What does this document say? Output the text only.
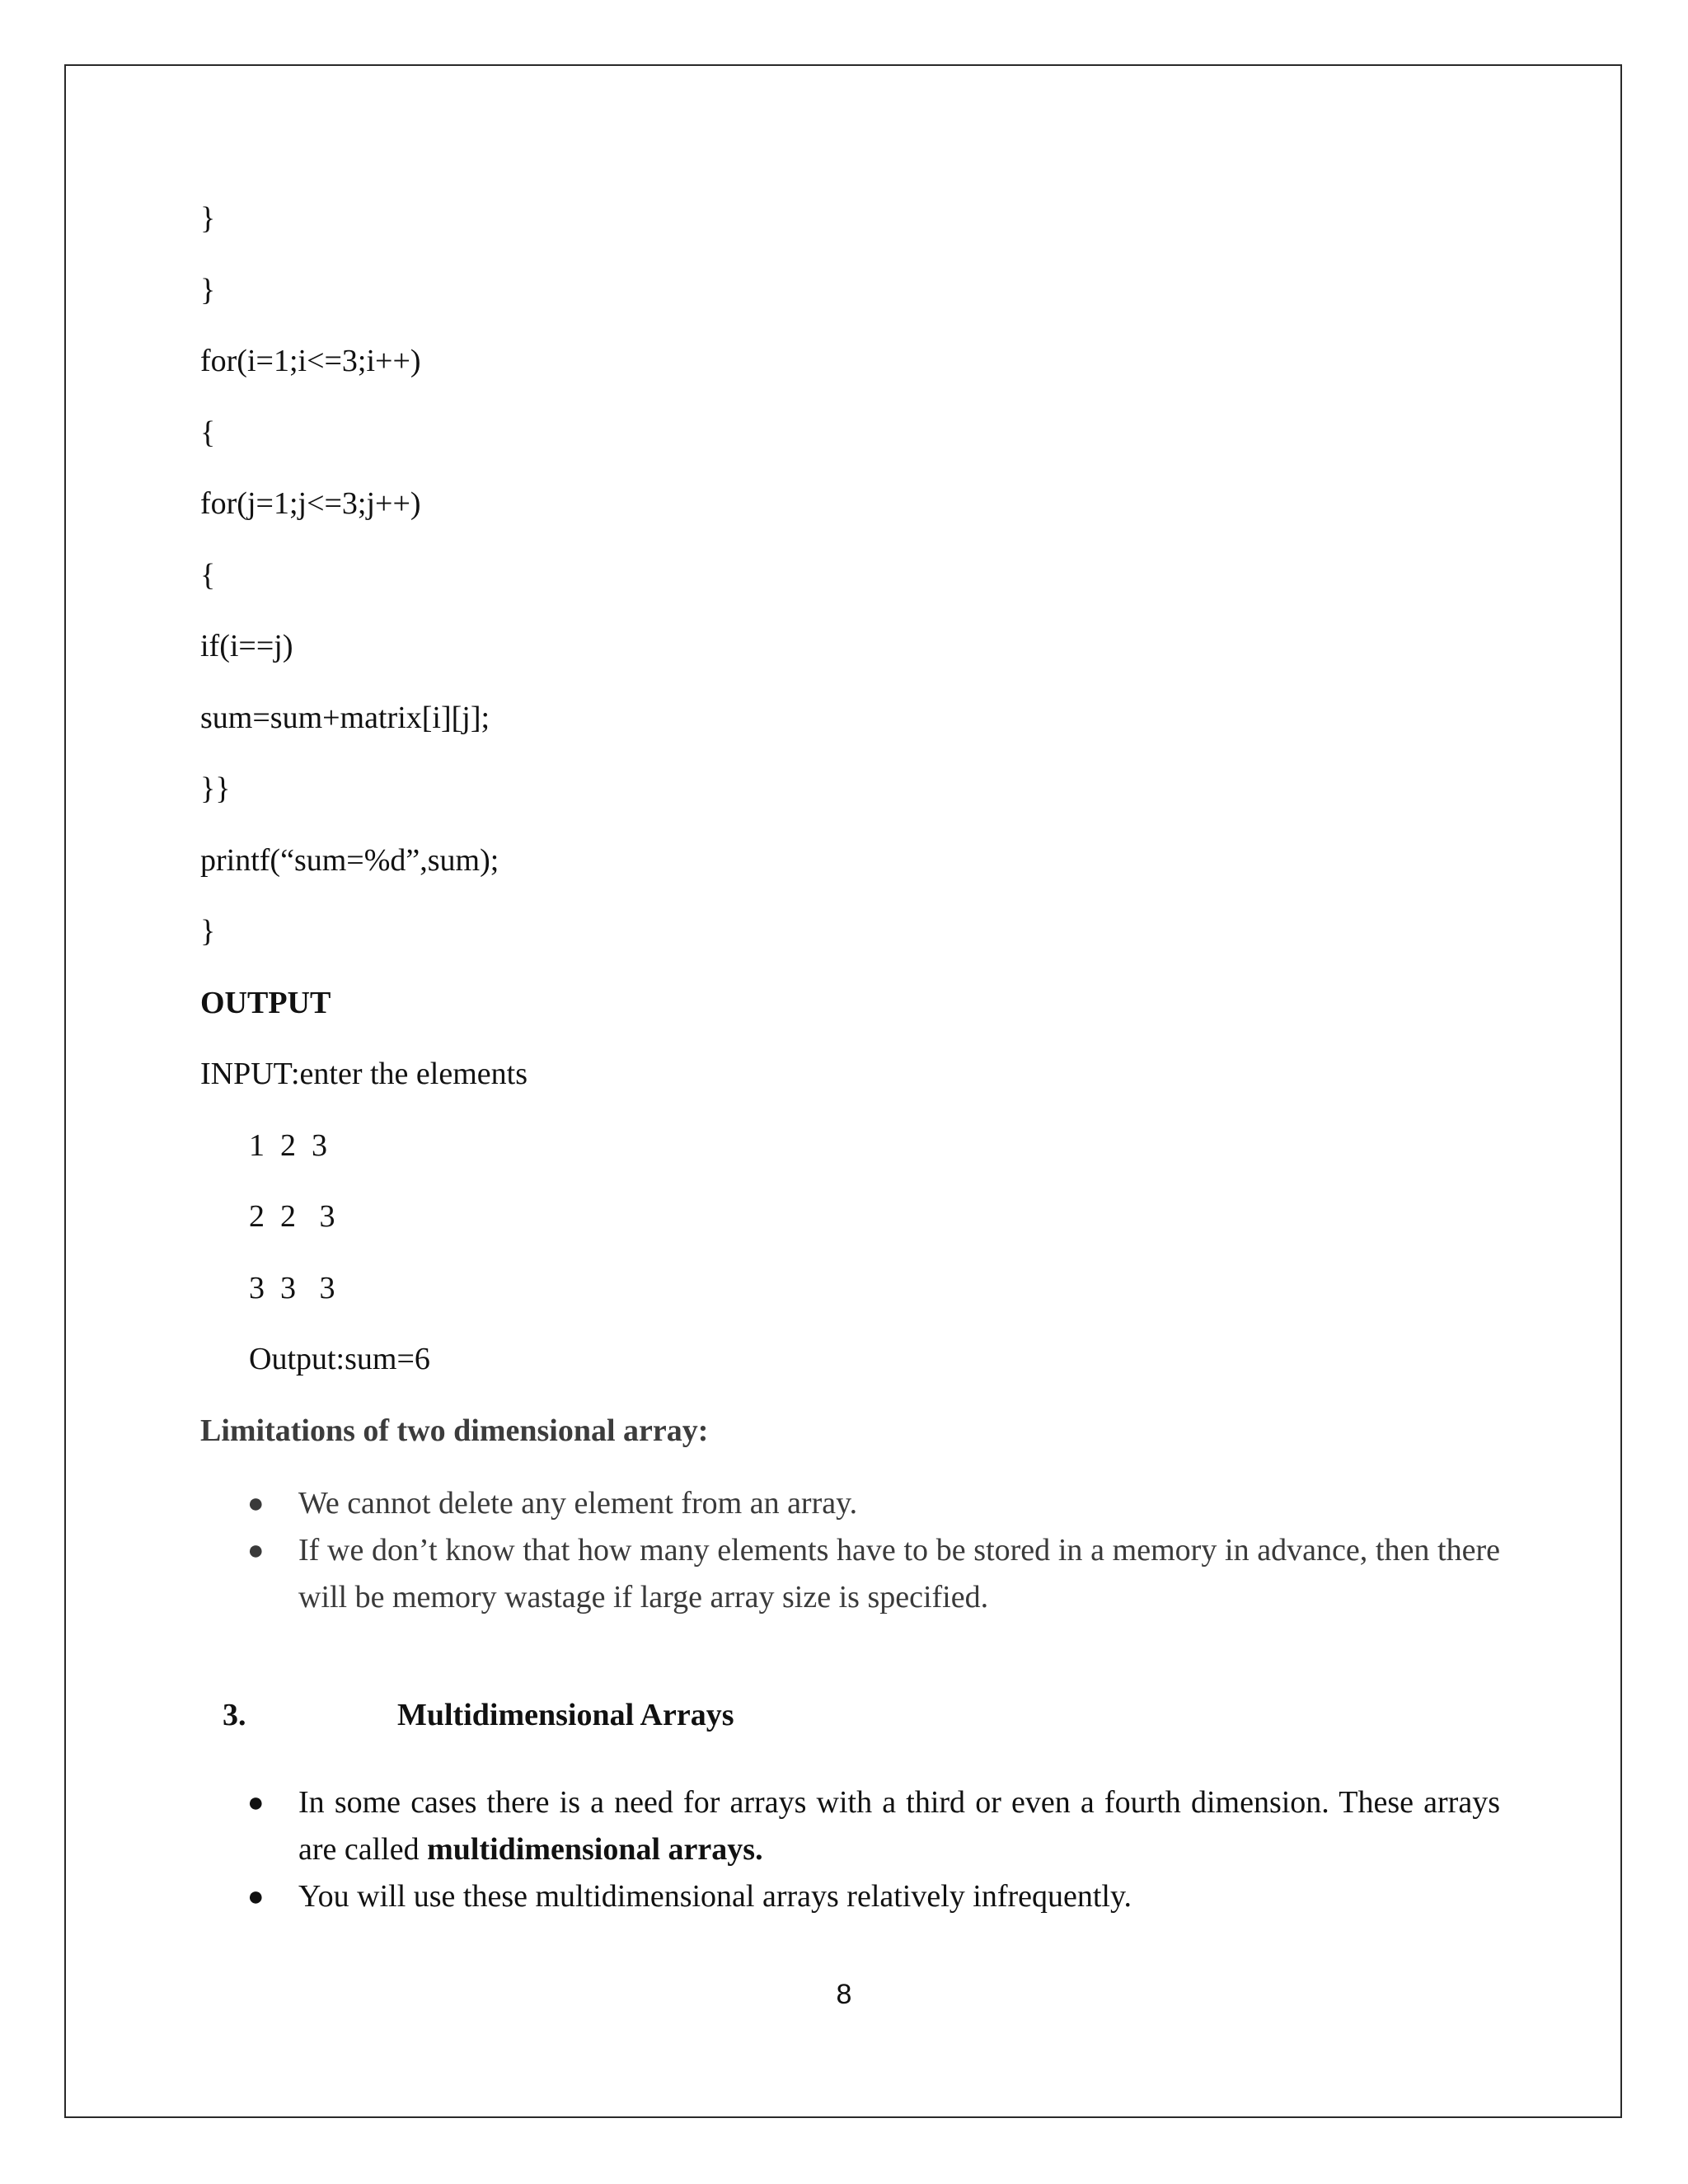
}
}
for(i=1;i<=3;i++)
{
for(j=1;j<=3;j++)
{
if(i==j)
sum=sum+matrix[i][j];
}}
printf(“sum=%d”,sum);
}
OUTPUT
INPUT:enter the elements
1  2  3
2  2   3
3  3   3
Output:sum=6
Limitations of two dimensional array:
● We cannot delete any element from an array.
● If we don’t know that how many elements have to be stored in a memory in advance, then there will be memory wastage if large array size is specified.
3.	Multidimensional Arrays
● In some cases there is a need for arrays with a third or even a fourth dimension. These arrays are called multidimensional arrays.
● You will use these multidimensional arrays relatively infrequently.
8
